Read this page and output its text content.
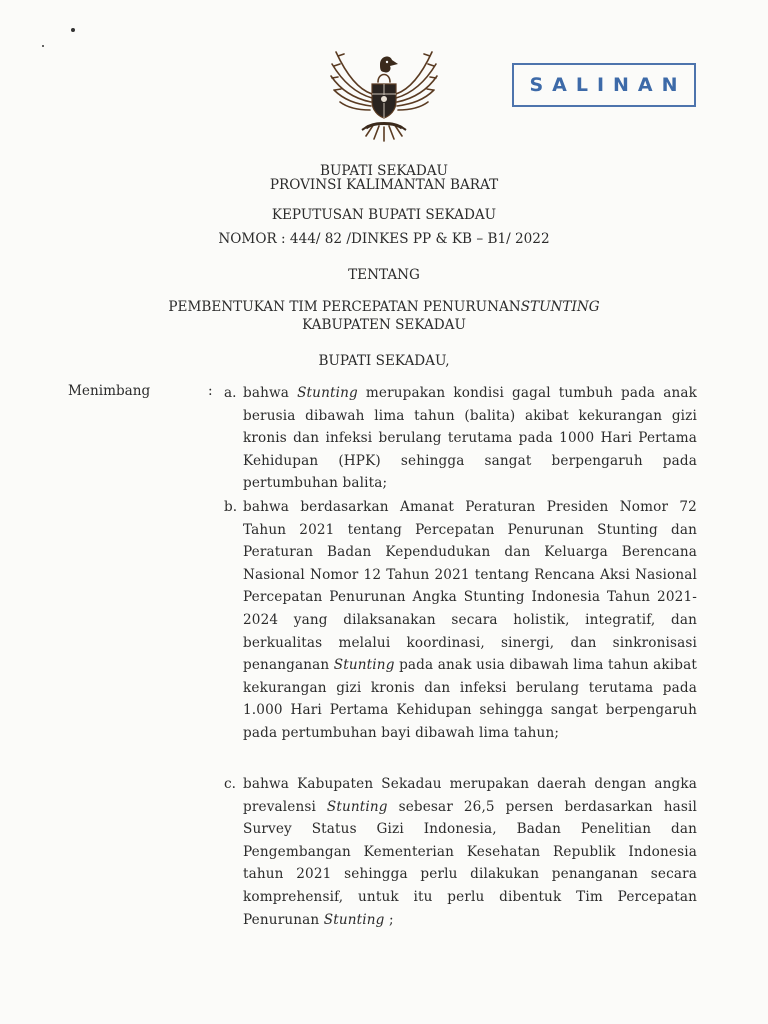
SALINAN
BUPATI SEKADAU
PROVINSI KALIMANTAN BARAT
KEPUTUSAN BUPATI SEKADAU
NOMOR : 444/ 82 /DINKES PP & KB – B1/ 2022
TENTANG
PEMBENTUKAN TIM PERCEPATAN PENURUNANSTUNTING
KABUPATEN SEKADAU
BUPATI SEKADAU,
Menimbang	: a. bahwa Stunting merupakan kondisi gagal tumbuh pada anak berusia dibawah lima tahun (balita) akibat kekurangan gizi kronis dan infeksi berulang terutama pada 1000 Hari Pertama Kehidupan (HPK) sehingga sangat berpengaruh pada pertumbuhan balita;
b. bahwa berdasarkan Amanat Peraturan Presiden Nomor 72 Tahun 2021 tentang Percepatan Penurunan Stunting dan Peraturan Badan Kependudukan dan Keluarga Berencana Nasional Nomor 12 Tahun 2021 tentang Rencana Aksi Nasional Percepatan Penurunan Angka Stunting Indonesia Tahun 2021-2024 yang dilaksanakan secara holistik, integratif, dan berkualitas melalui koordinasi, sinergi, dan sinkronisasi penanganan Stunting pada anak usia dibawah lima tahun akibat kekurangan gizi kronis dan infeksi berulang terutama pada 1.000 Hari Pertama Kehidupan sehingga sangat berpengaruh pada pertumbuhan bayi dibawah lima tahun;
c. bahwa Kabupaten Sekadau merupakan daerah dengan angka prevalensi Stunting sebesar 26,5 persen berdasarkan hasil Survey Status Gizi Indonesia, Badan Penelitian dan Pengembangan Kementerian Kesehatan Republik Indonesia tahun 2021 sehingga perlu dilakukan penanganan secara komprehensif, untuk itu perlu dibentuk Tim Percepatan Penurunan Stunting ;
